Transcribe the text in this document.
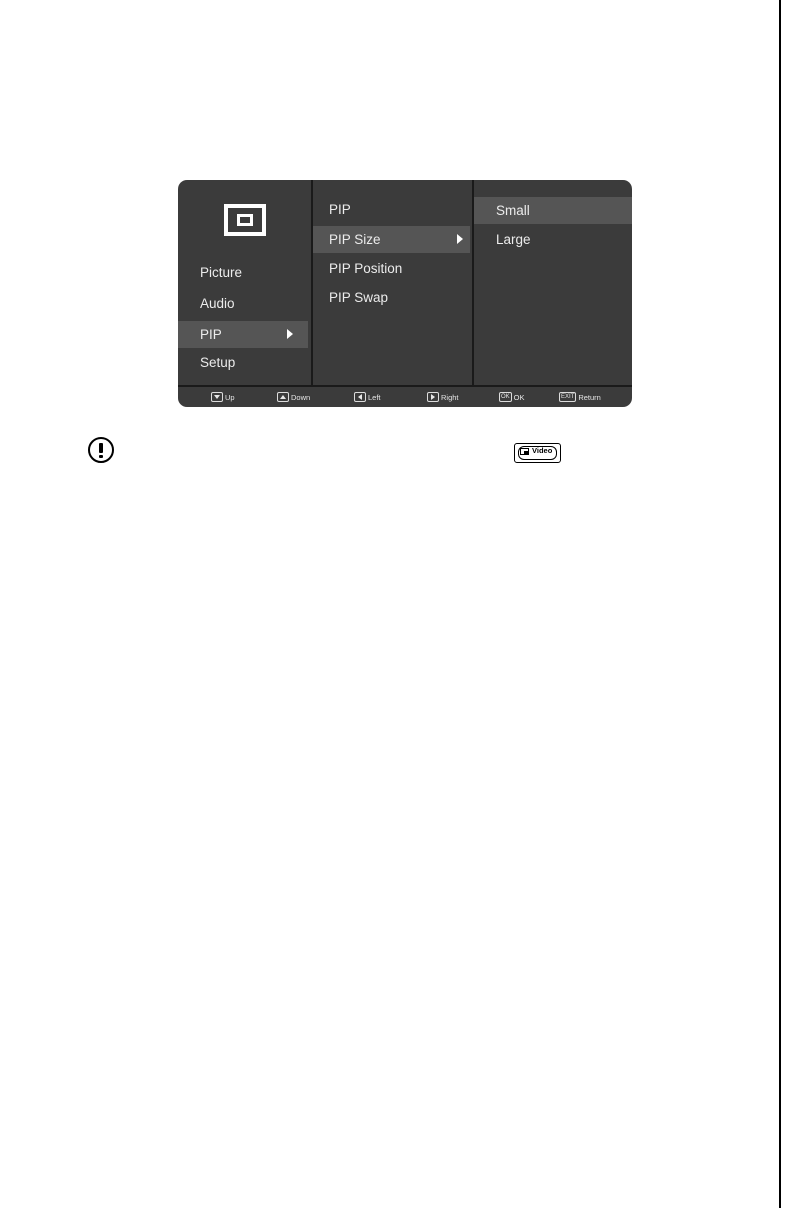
Picture
Audio
PIP
Setup
PIP
PIP Size
PIP Position
PIP Swap
Small
Large
Up	Down	Left	Right	OK OK	EXIT Return
Video
